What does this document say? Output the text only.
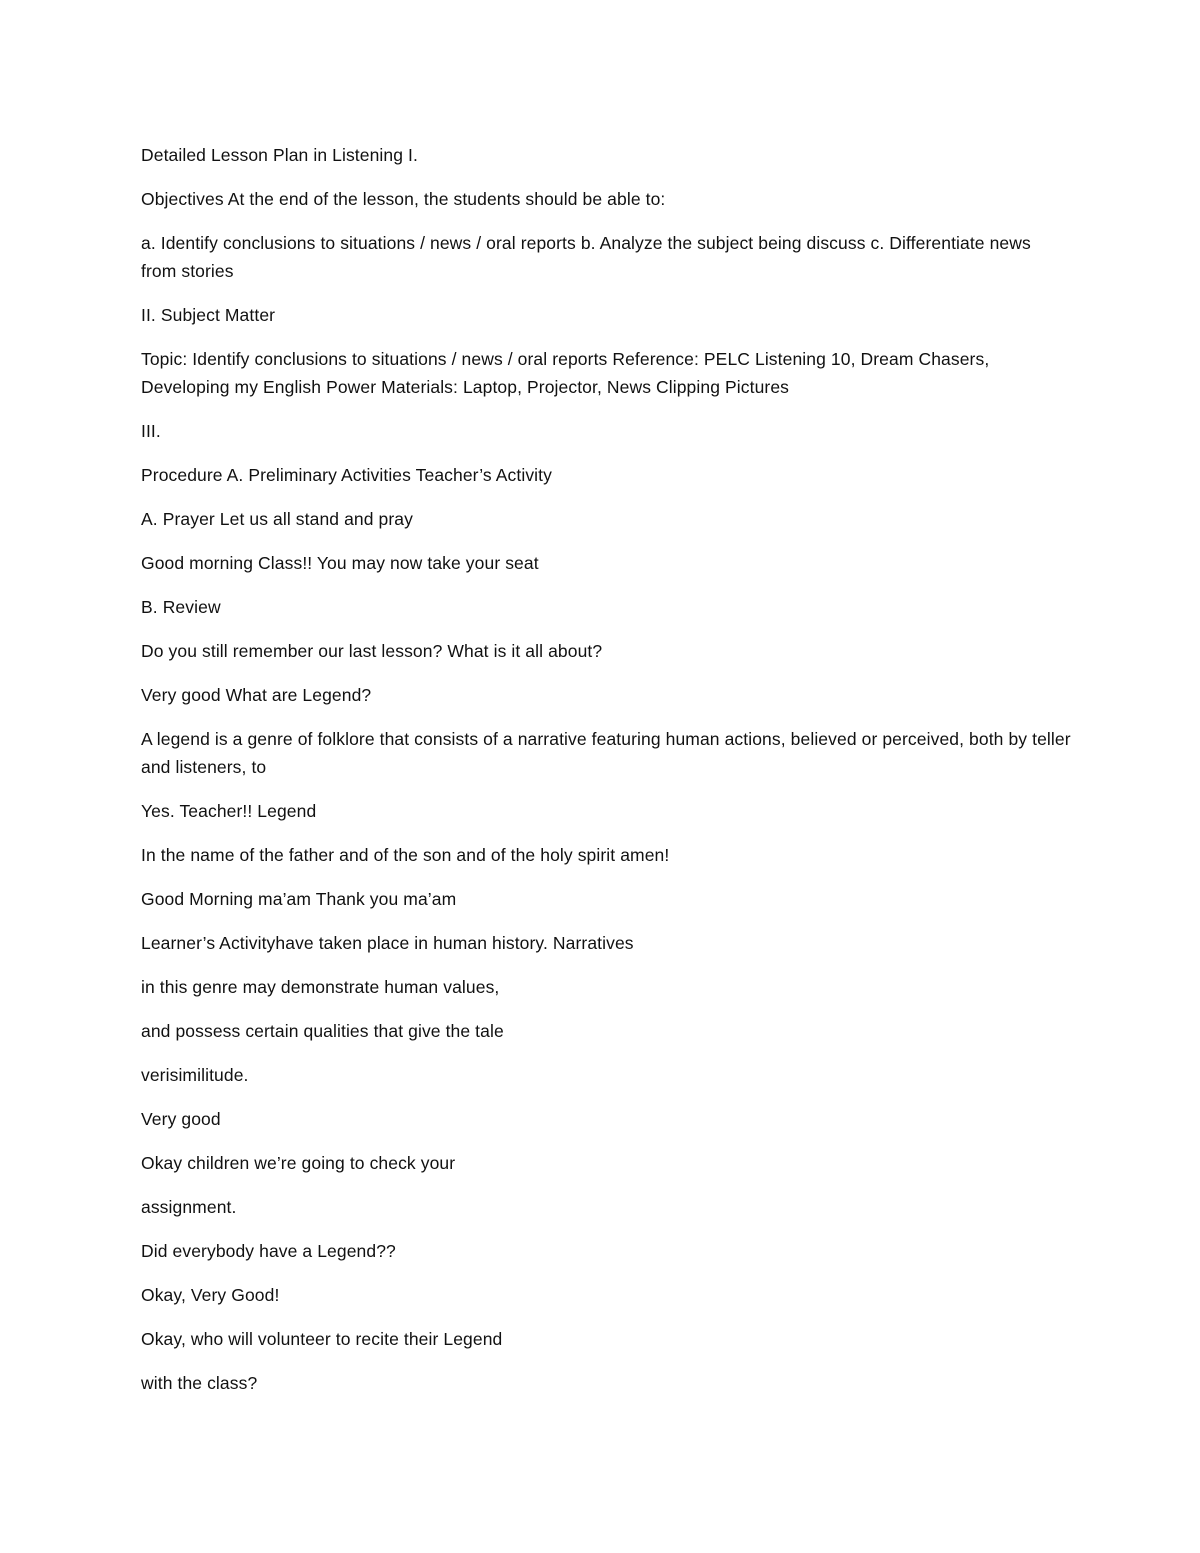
Detailed Lesson Plan in Listening I.

Objectives At the end of the lesson, the students should be able to:

a. Identify conclusions to situations / news / oral reports b. Analyze the subject being discuss c. Differentiate news from stories

II. Subject Matter

Topic: Identify conclusions to situations / news / oral reports Reference: PELC Listening 10, Dream Chasers, Developing my English Power Materials: Laptop, Projector, News Clipping Pictures

III.

Procedure A. Preliminary Activities Teacher’s Activity

A. Prayer Let us all stand and pray

Good morning Class!! You may now take your seat

B. Review

Do you still remember our last lesson? What is it all about?

Very good What are Legend?

A legend is a genre of folklore that consists of a narrative featuring human actions, believed or perceived, both by teller and listeners, to

Yes. Teacher!! Legend

In the name of the father and of the son and of the holy spirit amen!

Good Morning ma’am Thank you ma’am

Learner’s Activityhave taken place in human history. Narratives

in this genre may demonstrate human values,

and possess certain qualities that give the tale

verisimilitude.

Very good

Okay children we’re going to check your

assignment.

Did everybody have a Legend??

Okay, Very Good!

Okay, who will volunteer to recite their Legend

with the class?
